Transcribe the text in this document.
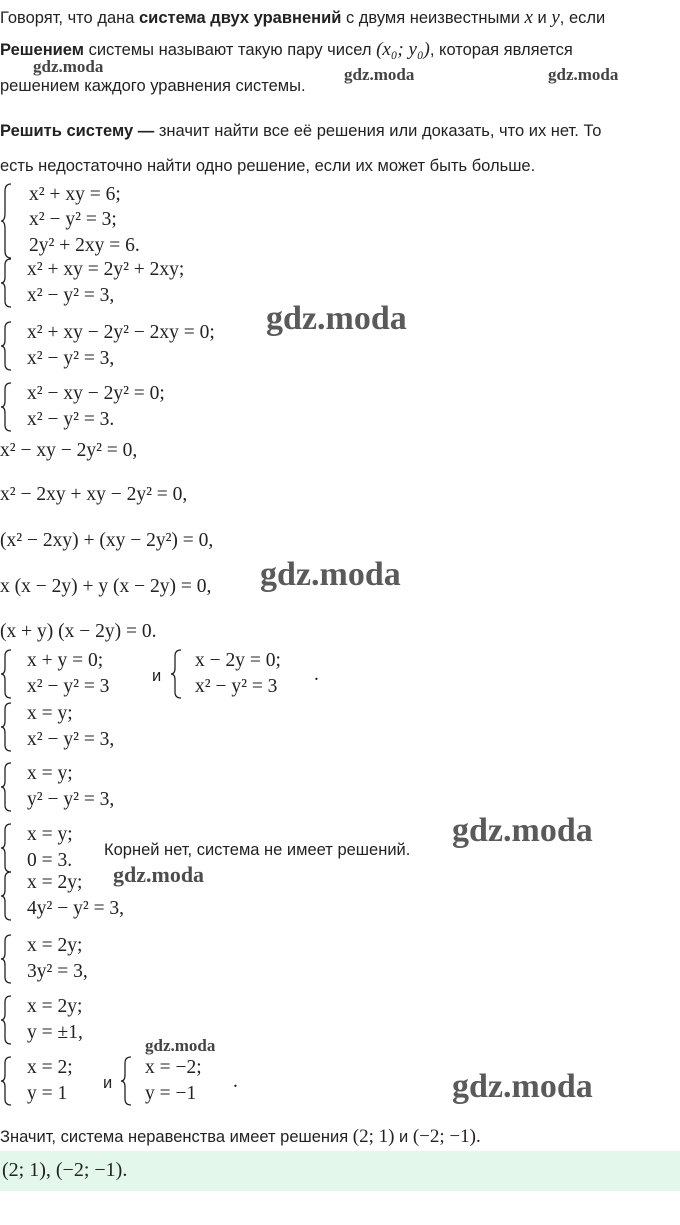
Говорят, что дана система двух уравнений с двумя неизвестными x и y, если
Решением системы называют такую пару чисел (x₀; y₀), которая является
решением каждого уравнения системы.
Решить систему — значит найти все её решения или доказать, что их нет. То
есть недостаточно найти одно решение, если их может быть больше.
x² + xy = 6;
x² − y² = 3;
2y² + 2xy = 6.
x² + xy = 2y² + 2xy;
x² − y² = 3,
x² + xy − 2y² − 2xy = 0;
x² − y² = 3,
x² − xy − 2y² = 0;
x² − y² = 3.
x² − xy − 2y² = 0,
x² − 2xy + xy − 2y² = 0,
(x² − 2xy) + (xy − 2y²) = 0,
x (x − 2y) + y (x − 2y) = 0,
(x + y) (x − 2y) = 0.
x + y = 0;
x² − y² = 3	и
x − 2y = 0;
x² − y² = 3
.
x = y;
x² − y² = 3,
x = y;
y² − y² = 3,
x = y;
0 = 3. Корней нет, система не имеет решений.
x = 2y;
4y² − y² = 3,
x = 2y;
3y² = 3,
x = 2y;
y = ±1,
x = 2;
y = 1 и
x = −2;
y = −1
.
Значит, система неравенства имеет решения (2; 1) и (−2; −1).
(2; 1), (−2; −1).
gdz.moda	gdz.moda	gdz.moda
gdz.moda
gdz.moda
gdz.moda
gdz.moda
gdz.moda
gdz.moda
